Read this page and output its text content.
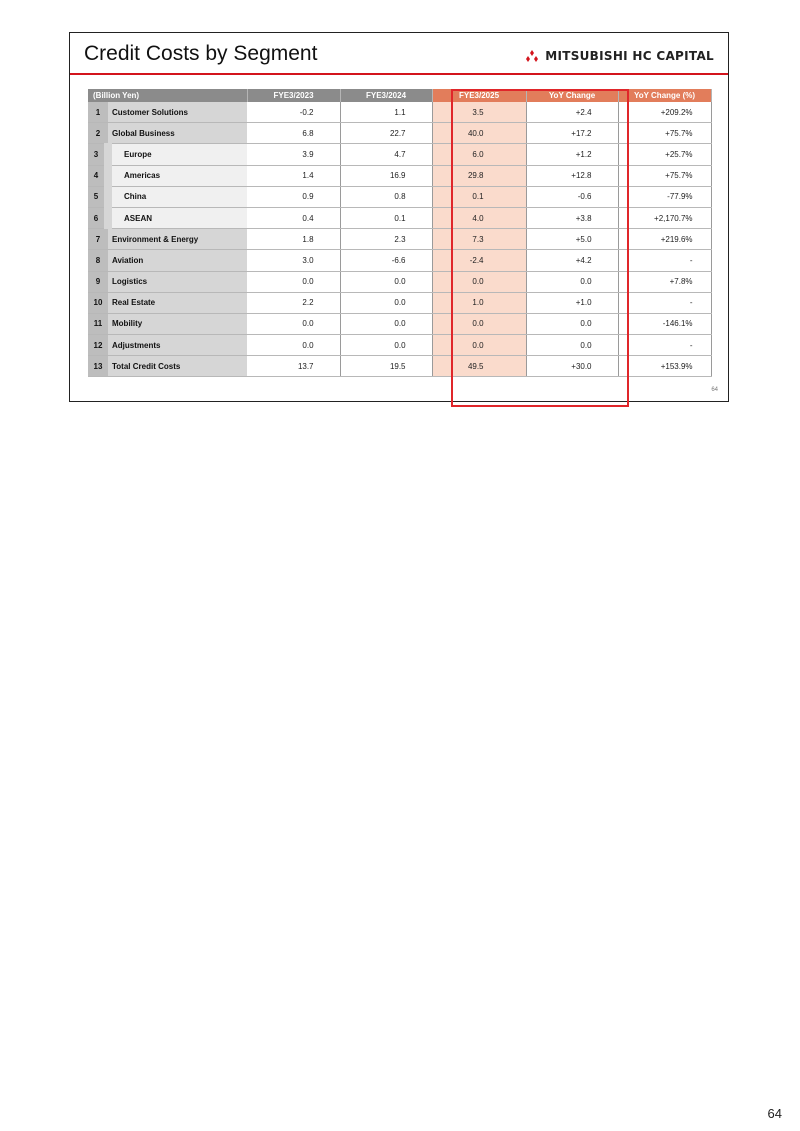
Credit Costs by Segment	MITSUBISHI HC CAPITAL
(Billion Yen)		FYE3/2023	FYE3/2024	FYE3/2025	YoY Change	YoY Change (%)
1	Customer Solutions	-0.2	1.1	3.5	+2.4	+209.2%
2	Global Business	6.8	22.7	40.0	+17.2	+75.7%
3	Europe	3.9	4.7	6.0	+1.2	+25.7%
4	Americas	1.4	16.9	29.8	+12.8	+75.7%
5	China	0.9	0.8	0.1	-0.6	-77.9%
6	ASEAN	0.4	0.1	4.0	+3.8	+2,170.7%
7	Environment & Energy	1.8	2.3	7.3	+5.0	+219.6%
8	Aviation	3.0	-6.6	-2.4	+4.2	-
9	Logistics	0.0	0.0	0.0	0.0	+7.8%
10	Real Estate	2.2	0.0	1.0	+1.0	-
11	Mobility	0.0	0.0	0.0	0.0	-146.1%
12	Adjustments	0.0	0.0	0.0	0.0	-
13	Total Credit Costs	13.7	19.5	49.5	+30.0	+153.9%
64
64
